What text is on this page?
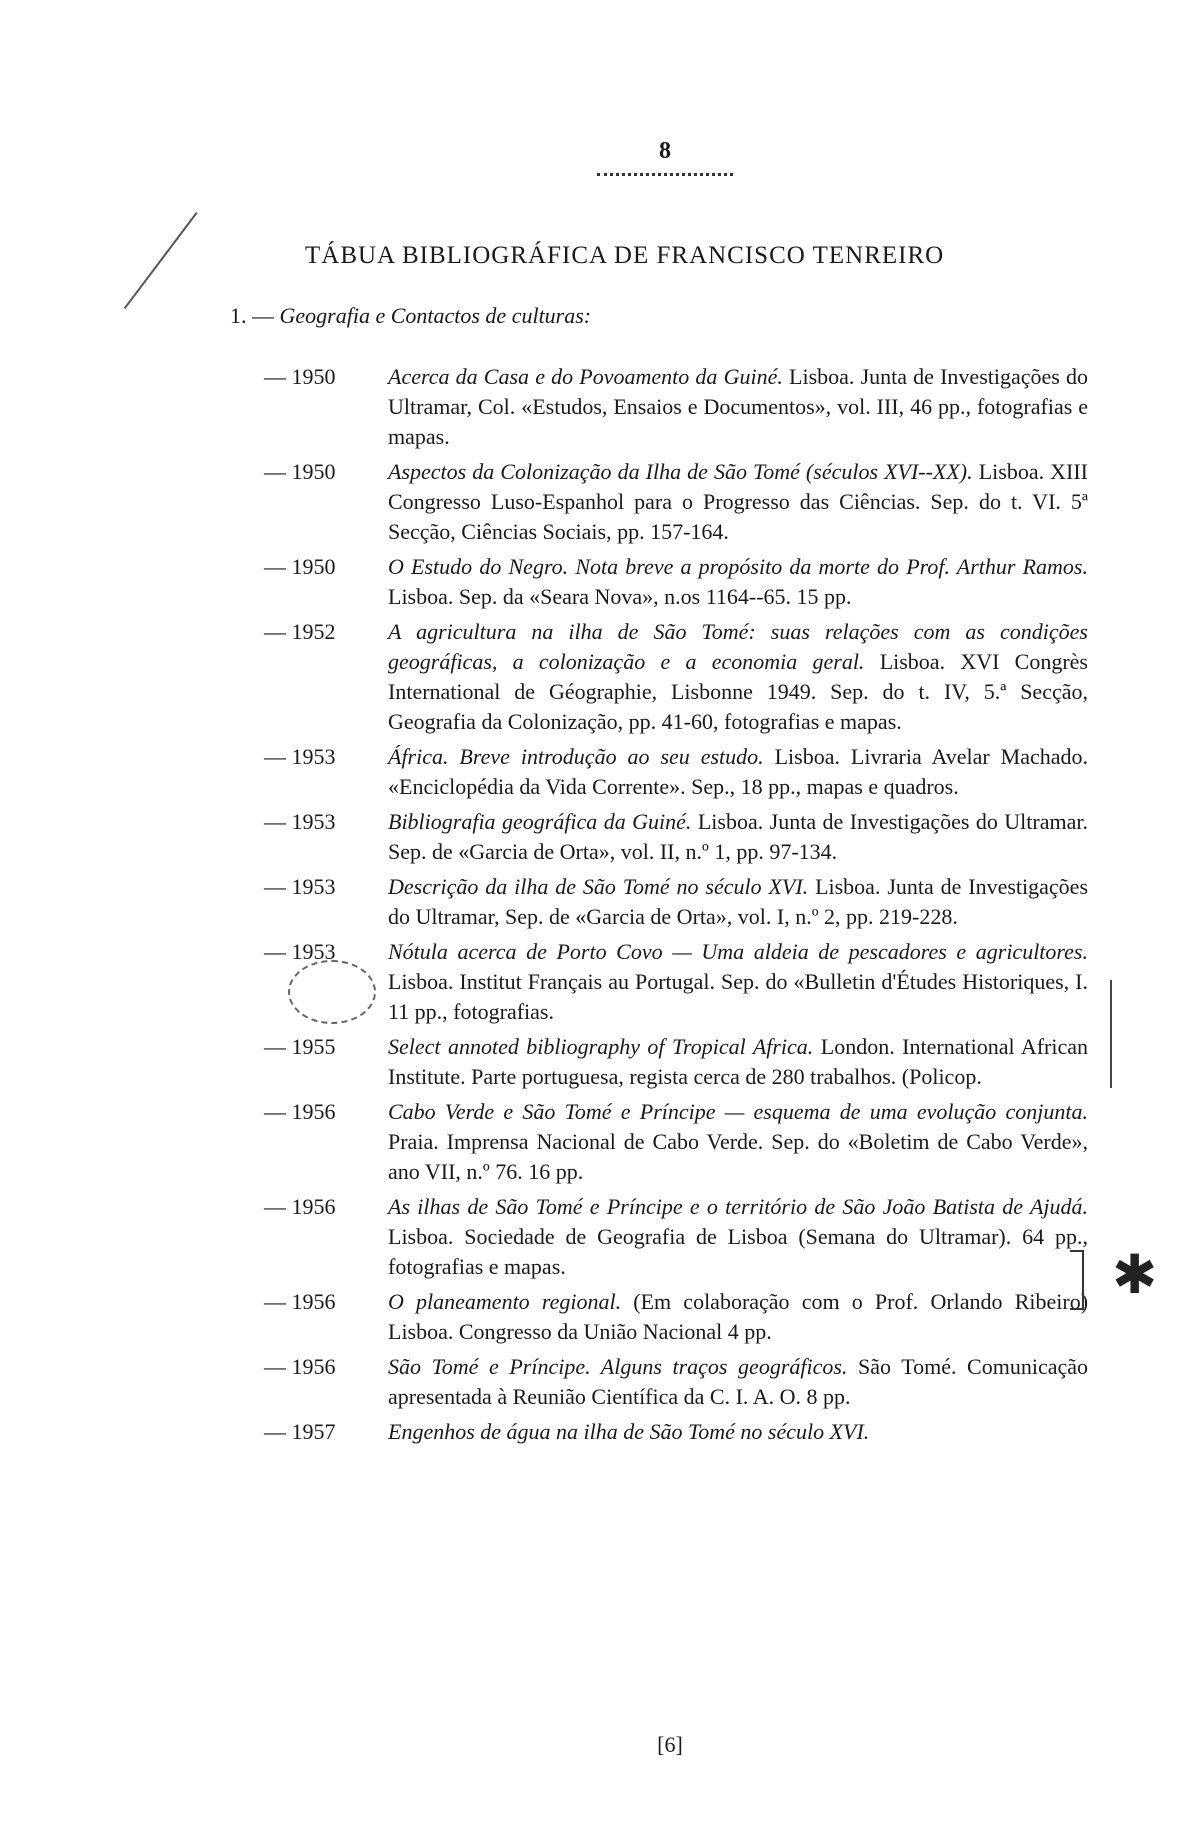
8
TÁBUA BIBLIOGRÁFICA DE FRANCISCO TENREIRO
1. — Geografia e Contactos de culturas:
— 1950	Acerca da Casa e do Povoamento da Guiné. Lisboa. Junta de Investigações do Ultramar, Col. «Estudos, Ensaios e Documentos», vol. III, 46 pp., fotografias e mapas.
— 1950	Aspectos da Colonização da Ilha de São Tomé (séculos XVI--XX). Lisboa. XIII Congresso Luso-Espanhol para o Progresso das Ciências. Sep. do t. VI. 5ª Secção, Ciências Sociais, pp. 157-164.
— 1950	O Estudo do Negro. Nota breve a propósito da morte do Prof. Arthur Ramos. Lisboa. Sep. da «Seara Nova», n.os 1164--65. 15 pp.
— 1952	A agricultura na ilha de São Tomé: suas relações com as condições geográficas, a colonização e a economia geral. Lisboa. XVI Congrès International de Géographie, Lisbonne 1949. Sep. do t. IV, 5.ª Secção, Geografia da Colonização, pp. 41-60, fotografias e mapas.
— 1953	África. Breve introdução ao seu estudo. Lisboa. Livraria Avelar Machado. «Enciclopédia da Vida Corrente». Sep., 18 pp., mapas e quadros.
— 1953	Bibliografia geográfica da Guiné. Lisboa. Junta de Investigações do Ultramar. Sep. de «Garcia de Orta», vol. II, n.º 1, pp. 97-134.
— 1953	Descrição da ilha de São Tomé no século XVI. Lisboa. Junta de Investigações do Ultramar, Sep. de «Garcia de Orta», vol. I, n.º 2, pp. 219-228.
— 1953	Nótula acerca de Porto Covo — Uma aldeia de pescadores e agricultores. Lisboa. Institut Français au Portugal. Sep. do «Bulletin d'Études Historiques, I. 11 pp., fotografias.
— 1955	Select annoted bibliography of Tropical Africa. London. International African Institute. Parte portuguesa, regista cerca de 280 trabalhos. (Policop.
— 1956	Cabo Verde e São Tomé e Príncipe — esquema de uma evolução conjunta. Praia. Imprensa Nacional de Cabo Verde. Sep. do «Boletim de Cabo Verde», ano VII, n.º 76. 16 pp.
— 1956	As ilhas de São Tomé e Príncipe e o território de São João Batista de Ajudá. Lisboa. Sociedade de Geografia de Lisboa (Semana do Ultramar). 64 pp., fotografias e mapas.
— 1956	O planeamento regional. (Em colaboração com o Prof. Orlando Ribeiro) Lisboa. Congresso da União Nacional 4 pp.
— 1956	São Tomé e Príncipe. Alguns traços geográficos. São Tomé. Comunicação apresentada à Reunião Científica da C. I. A. O. 8 pp.
— 1957	Engenhos de água na ilha de São Tomé no século XVI.
✱
[6]
